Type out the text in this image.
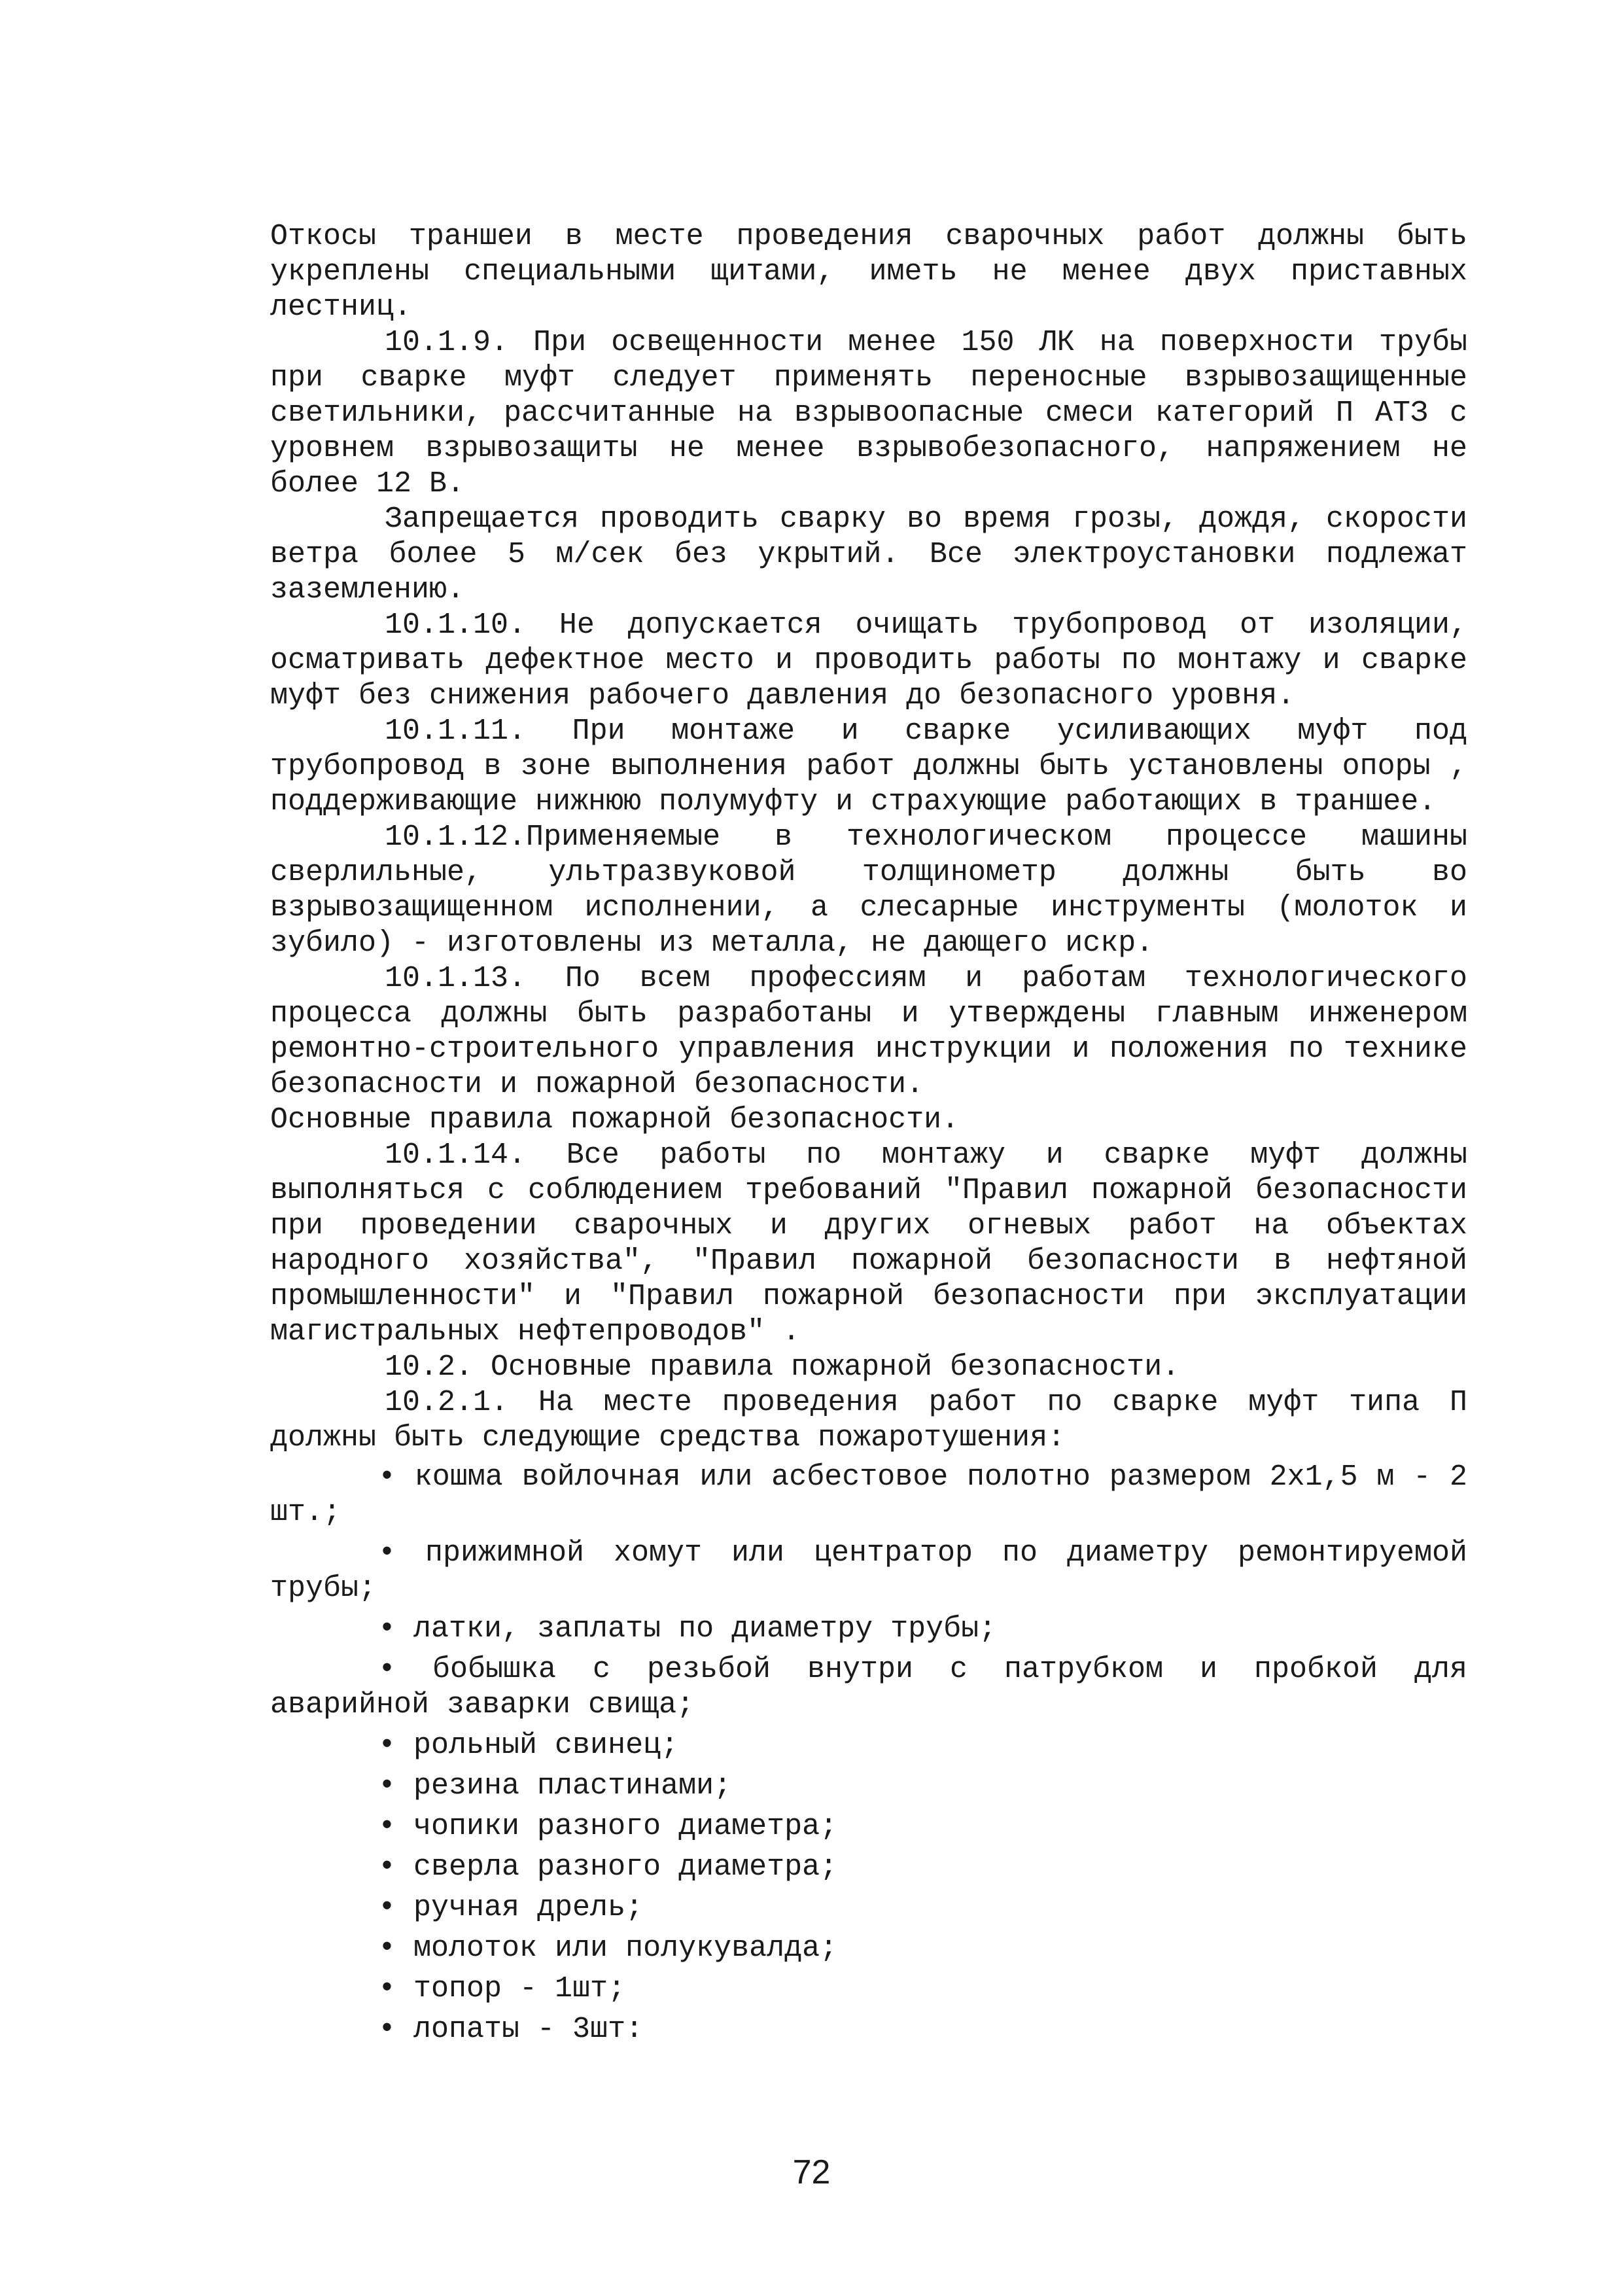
Откосы траншеи в месте проведения сварочных работ должны быть укреплены специальными щитами, иметь не менее двух приставных лестниц.

10.1.9. При освещенности менее 150 ЛК на поверхности трубы при сварке муфт следует применять переносные взрывозащищенные светильники, рассчитанные на взрывоопасные смеси категорий П АТЗ с уровнем взрывозащиты не менее взрывобезопасного, напряжением не более 12 В.

Запрещается проводить сварку во время грозы, дождя, скорости ветра более 5 м/сек без укрытий. Все электроустановки подлежат заземлению.

10.1.10. Не допускается очищать трубопровод от изоляции, осматривать дефектное место и проводить работы по монтажу и сварке муфт без снижения рабочего давления до безопасного уровня.

10.1.11. При монтаже и сварке усиливающих муфт под трубопровод в зоне выполнения работ должны быть установлены опоры , поддерживающие нижнюю полумуфту и страхующие работающих в траншее.

10.1.12.Применяемые в технологическом процессе машины сверлильные, ультразвуковой толщинометр должны быть во взрывозащищенном исполнении, а слесарные инструменты (молоток и зубило) - изготовлены из металла, не дающего искр.

10.1.13. По всем профессиям и работам технологического процесса должны быть разработаны и утверждены главным инженером ремонтно-строительного управления инструкции и положения по технике безопасности и пожарной безопасности.

Основные правила пожарной безопасности.

10.1.14. Все работы по монтажу и сварке муфт должны выполняться с соблюдением требований "Правил пожарной безопасности при проведении сварочных и других огневых работ на объектах народного хозяйства", "Правил пожарной безопасности в нефтяной промышленности" и "Правил пожарной безопасности при эксплуатации магистральных нефтепроводов" .

10.2. Основные правила пожарной безопасности.

10.2.1. На месте проведения работ по сварке муфт типа П должны быть следующие средства пожаротушения:

• кошма войлочная или асбестовое полотно размером 2x1,5 м - 2 шт.;

• прижимной хомут или центратор по диаметру ремонтируемой трубы;

• латки, заплаты по диаметру трубы;

• бобышка с резьбой внутри с патрубком и пробкой для аварийной заварки свища;

• рольный свинец;

• резина пластинами;

• чопики разного диаметра;

• сверла разного диаметра;

• ручная дрель;

• молоток или полукувалда;

• топор - 1шт;

• лопаты - 3шт:

72
